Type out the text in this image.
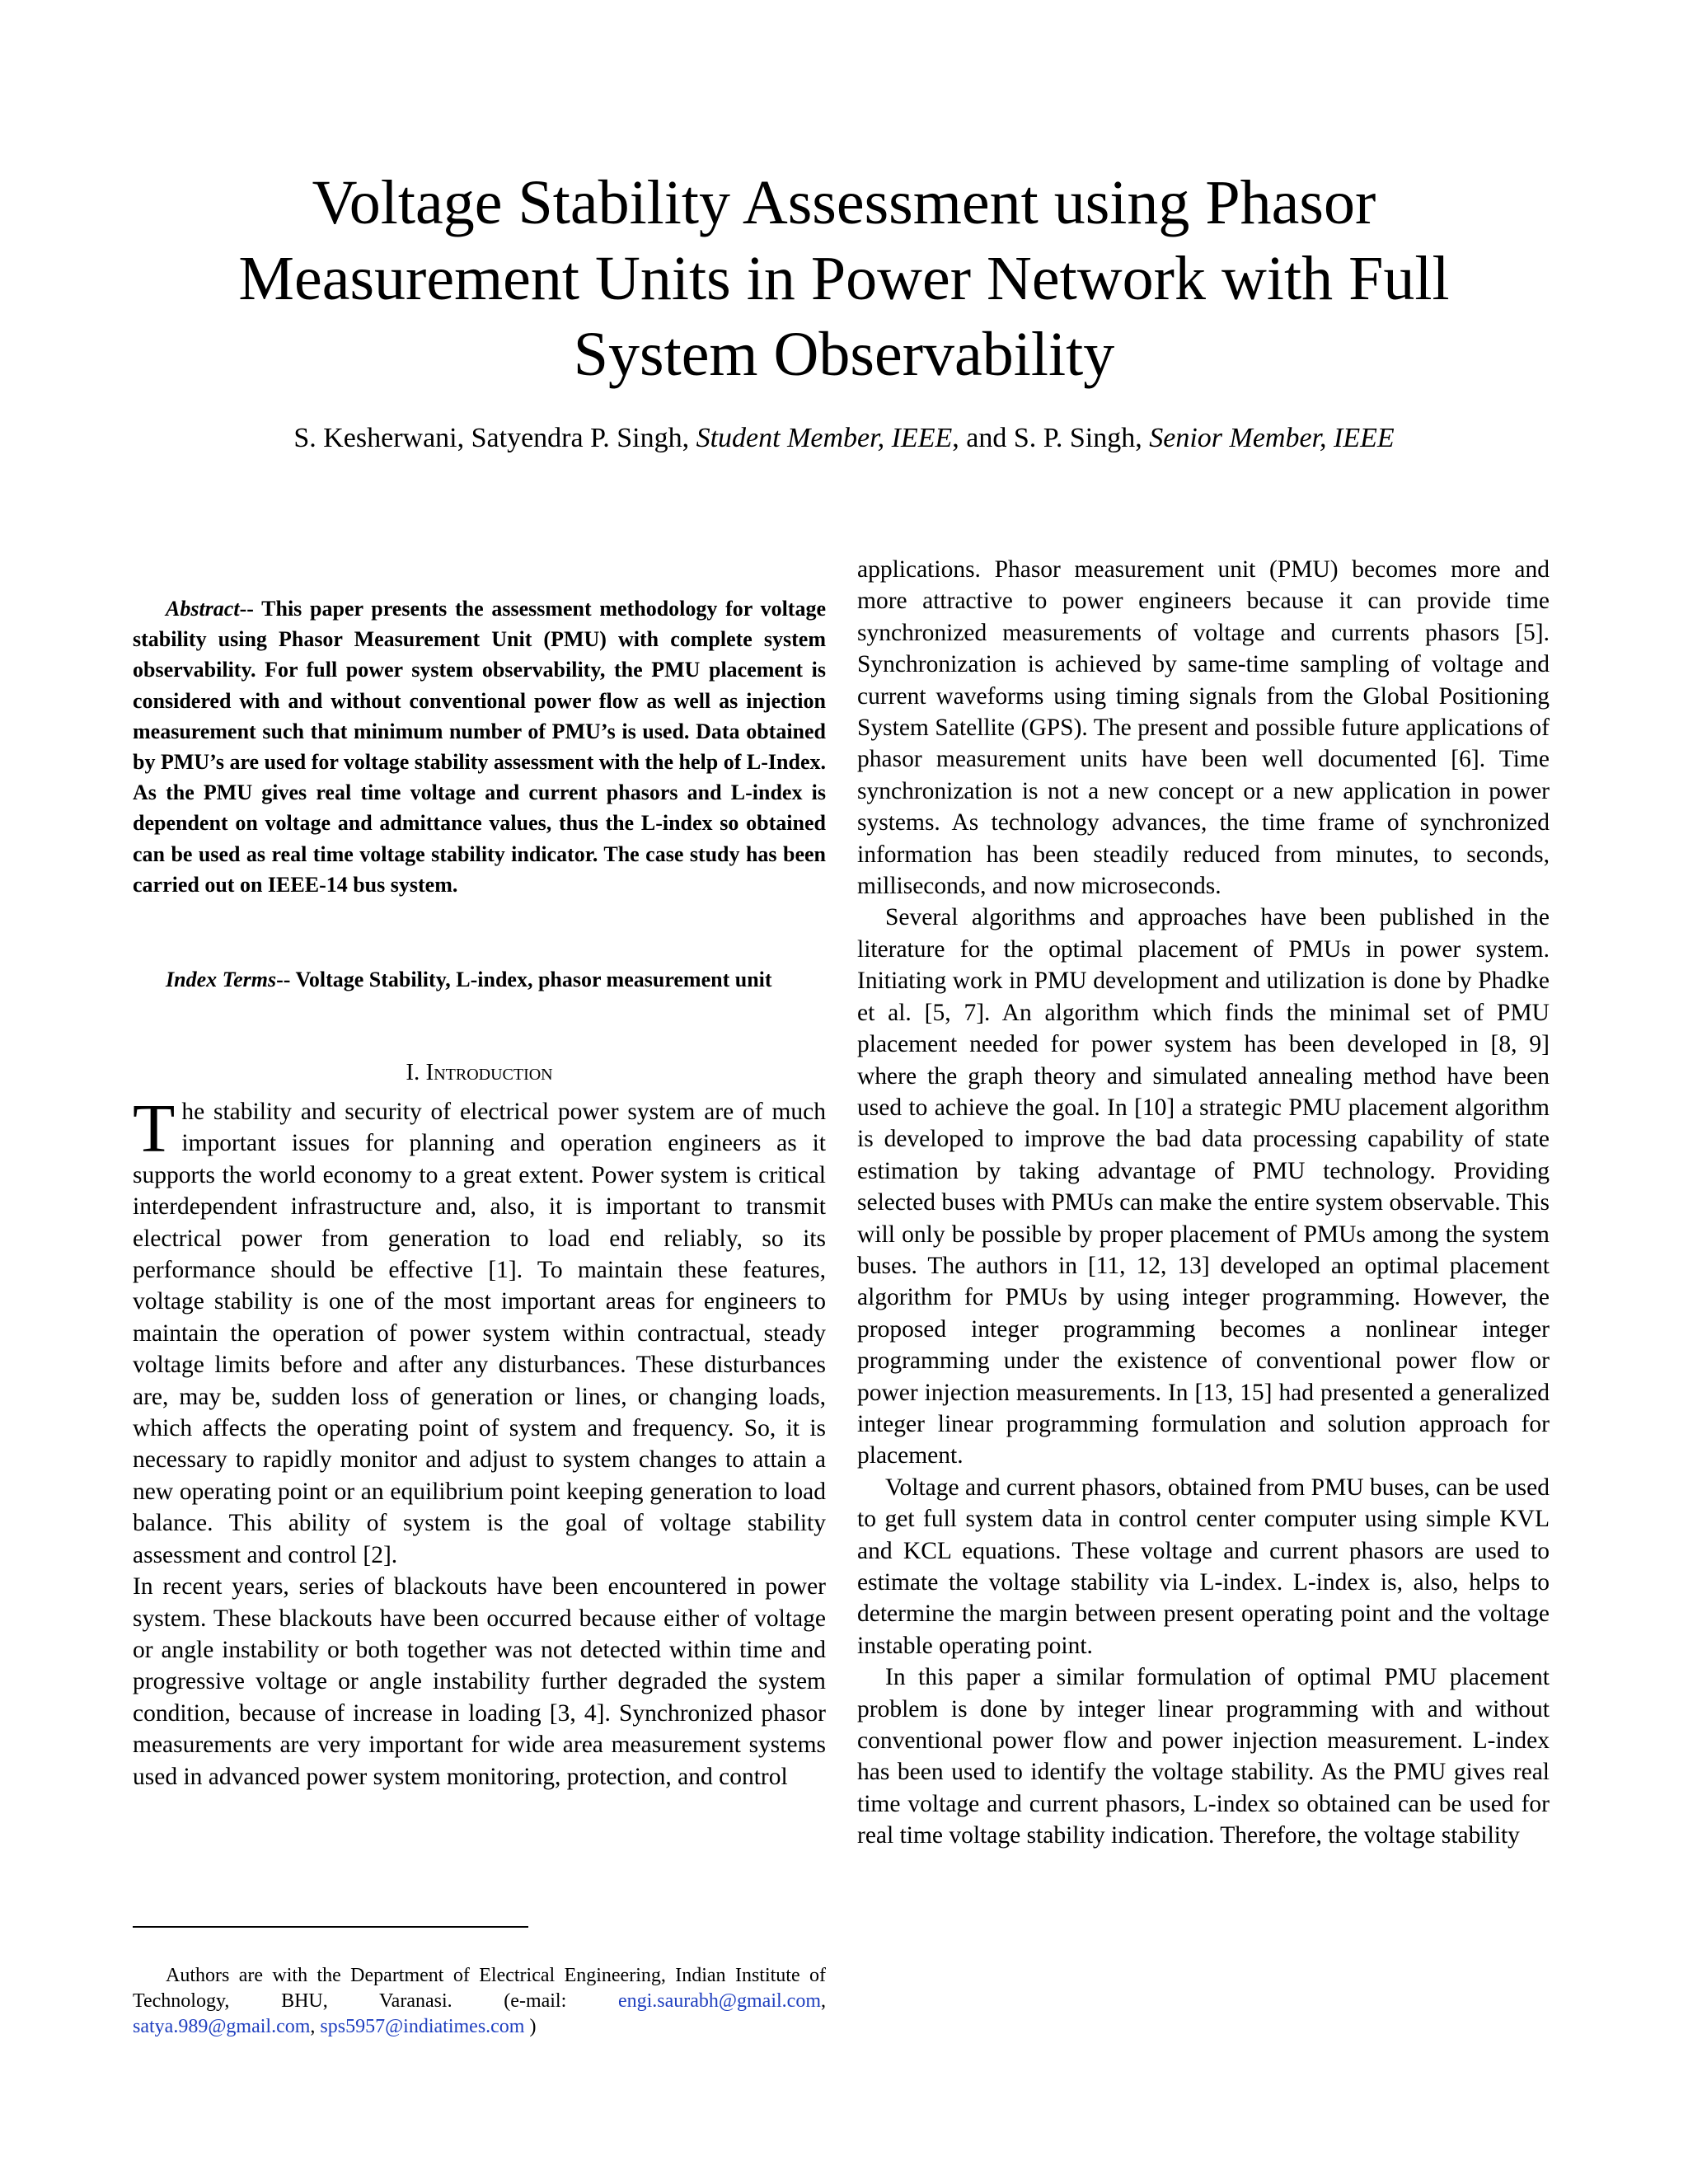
Voltage Stability Assessment using Phasor
Measurement Units in Power Network with Full
System Observability

S. Kesherwani, Satyendra P. Singh, Student Member, IEEE, and S. P. Singh, Senior Member, IEEE

Abstract-- This paper presents the assessment methodology for voltage stability using Phasor Measurement Unit (PMU) with complete system observability. For full power system observability, the PMU placement is considered with and without conventional power flow as well as injection measurement such that minimum number of PMU’s is used. Data obtained by PMU’s are used for voltage stability assessment with the help of L-Index. As the PMU gives real time voltage and current phasors and L-index is dependent on voltage and admittance values, thus the L-index so obtained can be used as real time voltage stability indicator. The case study has been carried out on IEEE-14 bus system.

Index Terms-- Voltage Stability, L-index, phasor measurement unit

I. Introduction

The stability and security of electrical power system are of much important issues for planning and operation engineers as it supports the world economy to a great extent. Power system is critical interdependent infrastructure and, also, it is important to transmit electrical power from generation to load end reliably, so its performance should be effective [1]. To maintain these features, voltage stability is one of the most important areas for engineers to maintain the operation of power system within contractual, steady voltage limits before and after any disturbances. These disturbances are, may be, sudden loss of generation or lines, or changing loads, which affects the operating point of system and frequency. So, it is necessary to rapidly monitor and adjust to system changes to attain a new operating point or an equilibrium point keeping generation to load balance. This ability of system is the goal of voltage stability assessment and control [2].

In recent years, series of blackouts have been encountered in power system. These blackouts have been occurred because either of voltage or angle instability or both together was not detected within time and progressive voltage or angle instability further degraded the system condition, because of increase in loading [3, 4]. Synchronized phasor measurements are very important for wide area measurement systems used in advanced power system monitoring, protection, and control

Authors are with the Department of Electrical Engineering, Indian Institute of Technology, BHU, Varanasi. (e-mail: engi.saurabh@gmail.com, satya.989@gmail.com, sps5957@indiatimes.com )

applications. Phasor measurement unit (PMU) becomes more and more attractive to power engineers because it can provide time synchronized measurements of voltage and currents phasors [5]. Synchronization is achieved by same-time sampling of voltage and current waveforms using timing signals from the Global Positioning System Satellite (GPS). The present and possible future applications of phasor measurement units have been well documented [6]. Time synchronization is not a new concept or a new application in power systems. As technology advances, the time frame of synchronized information has been steadily reduced from minutes, to seconds, milliseconds, and now microseconds.

Several algorithms and approaches have been published in the literature for the optimal placement of PMUs in power system. Initiating work in PMU development and utilization is done by Phadke et al. [5, 7]. An algorithm which finds the minimal set of PMU placement needed for power system has been developed in [8, 9] where the graph theory and simulated annealing method have been used to achieve the goal. In [10] a strategic PMU placement algorithm is developed to improve the bad data processing capability of state estimation by taking advantage of PMU technology. Providing selected buses with PMUs can make the entire system observable. This will only be possible by proper placement of PMUs among the system buses. The authors in [11, 12, 13] developed an optimal placement algorithm for PMUs by using integer programming. However, the proposed integer programming becomes a nonlinear integer programming under the existence of conventional power flow or power injection measurements. In [13, 15] had presented a generalized integer linear programming formulation and solution approach for placement.

Voltage and current phasors, obtained from PMU buses, can be used to get full system data in control center computer using simple KVL and KCL equations. These voltage and current phasors are used to estimate the voltage stability via L-index. L-index is, also, helps to determine the margin between present operating point and the voltage instable operating point.

In this paper a similar formulation of optimal PMU placement problem is done by integer linear programming with and without conventional power flow and power injection measurement. L-index has been used to identify the voltage stability. As the PMU gives real time voltage and current phasors, L-index so obtained can be used for real time voltage stability indication. Therefore, the voltage stability
